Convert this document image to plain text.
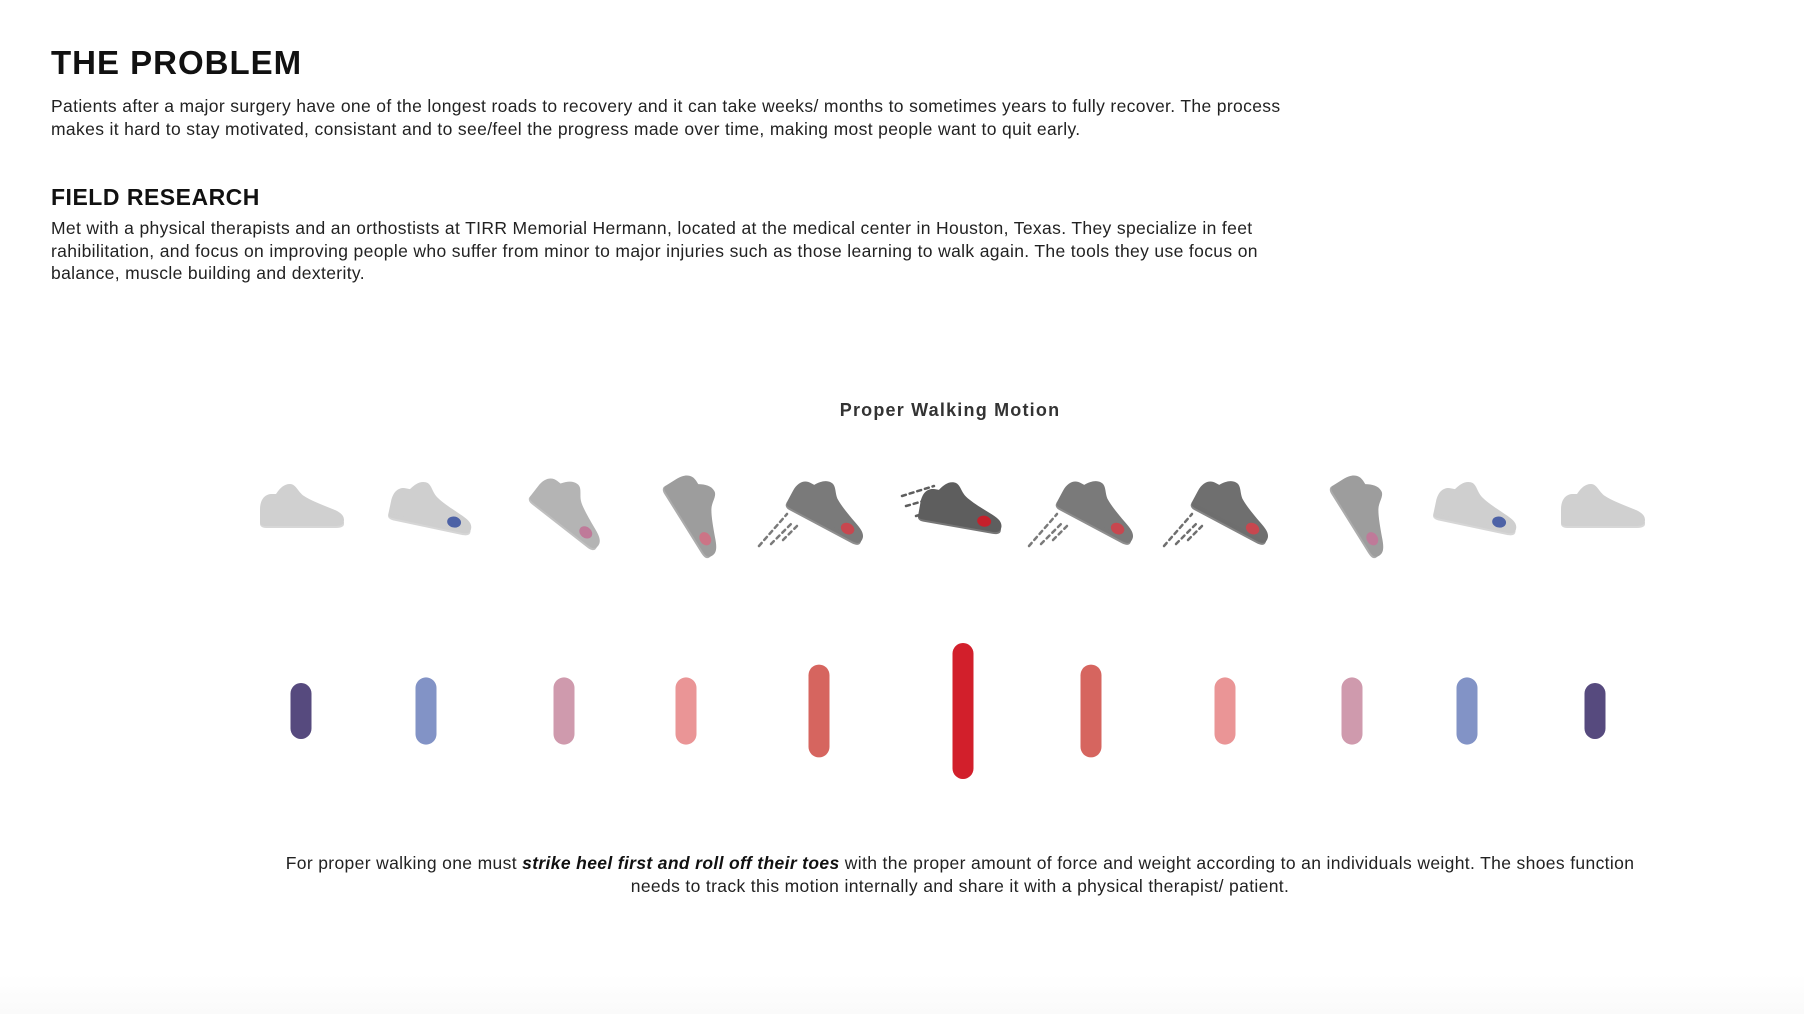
THE PROBLEM

Patients after a major surgery have one of the longest roads to recovery and it can take weeks/ months to sometimes years to fully recover. The process makes it hard to stay motivated, consistant and to see/feel the progress made over time, making most people want to quit early.

FIELD RESEARCH

Met with a physical therapists and an orthostists at TIRR Memorial Hermann, located at the medical center in Houston, Texas. They specialize in feet rahibilitation, and focus on improving people who suffer from minor to major injuries such as those learning to walk again. The tools they use focus on balance, muscle building and dexterity.

Proper Walking Motion

For proper walking one must strike heel first and roll off their toes with the proper amount of force and weight according to an individuals weight. The shoes function needs to track this motion internally and share it with a physical therapist/ patient.
